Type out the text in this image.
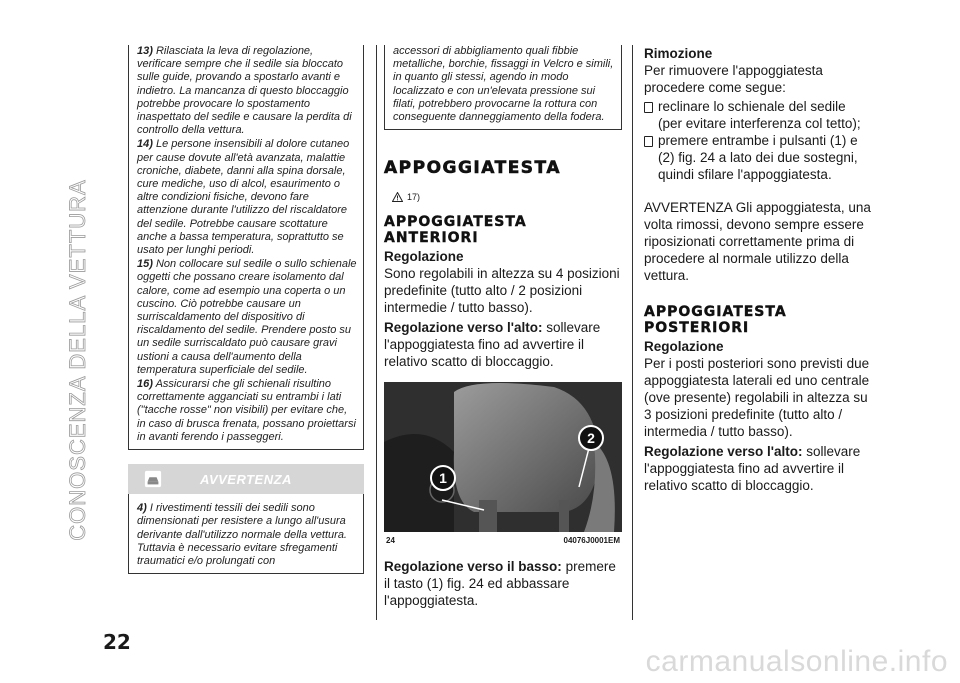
CONOSCENZA DELLA VETTURA

13) Rilasciata la leva di regolazione, verificare sempre che il sedile sia bloccato sulle guide, provando a spostarlo avanti e indietro. La mancanza di questo bloccaggio potrebbe provocare lo spostamento inaspettato del sedile e causare la perdita di controllo della vettura.

14) Le persone insensibili al dolore cutaneo per cause dovute all'età avanzata, malattie croniche, diabete, danni alla spina dorsale, cure mediche, uso di alcol, esaurimento o altre condizioni fisiche, devono fare attenzione durante l'utilizzo del riscaldatore del sedile. Potrebbe causare scottature anche a bassa temperatura, soprattutto se usato per lunghi periodi.

15) Non collocare sul sedile o sullo schienale oggetti che possano creare isolamento dal calore, come ad esempio una coperta o un cuscino. Ciò potrebbe causare un surriscaldamento del dispositivo di riscaldamento del sedile. Prendere posto su un sedile surriscaldato può causare gravi ustioni a causa dell'aumento della temperatura superficiale del sedile.

16) Assicurarsi che gli schienali risultino correttamente agganciati su entrambi i lati ("tacche rosse" non visibili) per evitare che, in caso di brusca frenata, possano proiettarsi in avanti ferendo i passeggeri.

AVVERTENZA

4) I rivestimenti tessili dei sedili sono dimensionati per resistere a lungo all'usura derivante dall'utilizzo normale della vettura. Tuttavia è necessario evitare sfregamenti traumatici e/o prolungati con

accessori di abbigliamento quali fibbie metalliche, borchie, fissaggi in Velcro e simili, in quanto gli stessi, agendo in modo localizzato e con un'elevata pressione sui filati, potrebbero provocarne la rottura con conseguente danneggiamento della fodera.

APPOGGIATESTA
17)
APPOGGIATESTA ANTERIORI
Regolazione

Sono regolabili in altezza su 4 posizioni predefinite (tutto alto / 2 posizioni intermedie / tutto basso).

Regolazione verso l'alto: sollevare l'appoggiatesta fino ad avvertire il relativo scatto di bloccaggio.

1
2
24	04076J0001EM

Regolazione verso il basso: premere il tasto (1) fig. 24 ed abbassare l'appoggiatesta.

Rimozione

Per rimuovere l'appoggiatesta procedere come segue:

reclinare lo schienale del sedile (per evitare interferenza col tetto);
premere entrambe i pulsanti (1) e (2) fig. 24 a lato dei due sostegni, quindi sfilare l'appoggiatesta.

AVVERTENZA Gli appoggiatesta, una volta rimossi, devono sempre essere riposizionati correttamente prima di procedere al normale utilizzo della vettura.

APPOGGIATESTA POSTERIORI
Regolazione

Per i posti posteriori sono previsti due appoggiatesta laterali ed uno centrale (ove presente) regolabili in altezza su 3 posizioni predefinite (tutto alto / intermedia / tutto basso).

Regolazione verso l'alto: sollevare l'appoggiatesta fino ad avvertire il relativo scatto di bloccaggio.

22
carmanualsonline.info
